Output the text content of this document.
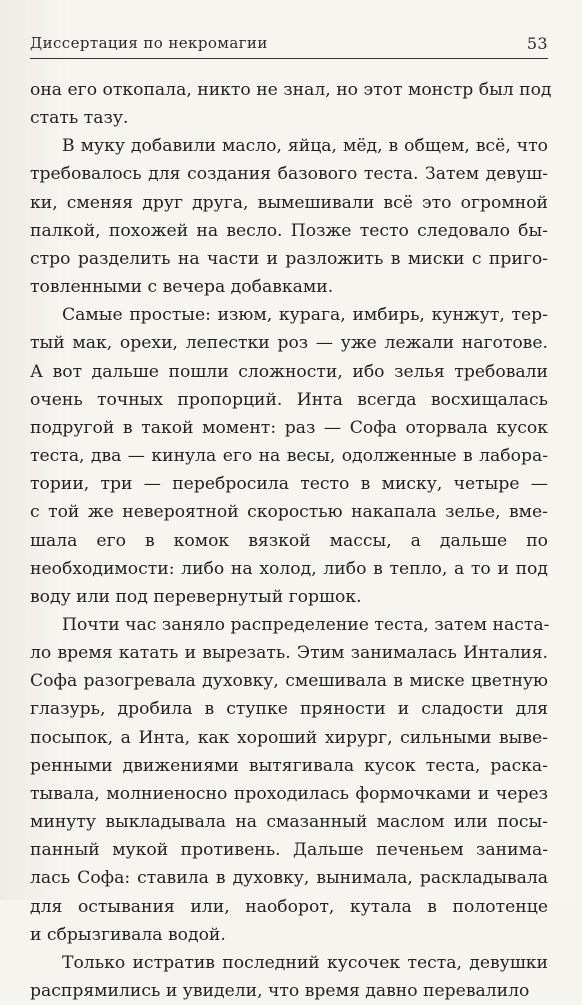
Диссертация по некромагии	53

она его откопала, никто не знал, но этот монстр был под
стать тазу.

В муку добавили масло, яйца, мёд, в общем, всё, что
требовалось для создания базового теста. Затем девуш-
ки, сменяя друг друга, вымешивали всё это огромной
палкой, похожей на весло. Позже тесто следовало бы-
стро разделить на части и разложить в миски с приго-
товленными с вечера добавками.

Самые простые: изюм, курага, имбирь, кунжут, тер-
тый мак, орехи, лепестки роз — уже лежали наготове.
А вот дальше пошли сложности, ибо зелья требовали
очень точных пропорций. Инта всегда восхищалась
подругой в такой момент: раз — Софа оторвала кусок
теста, два — кинула его на весы, одолженные в лабора-
тории, три — перебросила тесто в миску, четыре —
с той же невероятной скоростью накапала зелье, вме-
шала его в комок вязкой массы, а дальше по
необходимости: либо на холод, либо в тепло, а то и под
воду или под перевернутый горшок.

Почти час заняло распределение теста, затем наста-
ло время катать и вырезать. Этим занималась Инталия.
Софа разогревала духовку, смешивала в миске цветную
глазурь, дробила в ступке пряности и сладости для
посыпок, а Инта, как хороший хирург, сильными выве-
ренными движениями вытягивала кусок теста, раска-
тывала, молниеносно проходилась формочками и через
минуту выкладывала на смазанный маслом или посы-
панный мукой противень. Дальше печеньем занима-
лась Софа: ставила в духовку, вынимала, раскладывала
для остывания или, наоборот, кутала в полотенце
и сбрызгивала водой.

Только истратив последний кусочек теста, девушки
распрямились и увидели, что время давно перевалило
